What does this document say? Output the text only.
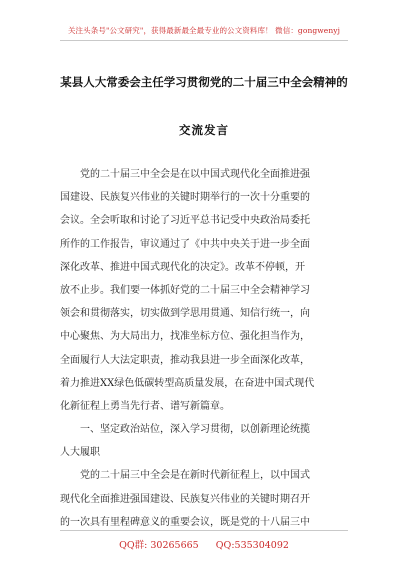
关注头条号"公文研究"，获得最新最全最专业的公文资料库！ 微信：gongwenyj
某县人大常委会主任学习贯彻党的二十届三中全会精神的
交流发言
党的二十届三中全会是在以中国式现代化全面推进强
国建设、民族复兴伟业的关键时期举行的一次十分重要的
会议。全会听取和讨论了习近平总书记受中央政治局委托
所作的工作报告，审议通过了《中共中央关于进一步全面
深化改革、推进中国式现代化的决定》。改革不停顿，开
放不止步。我们要一体抓好党的二十届三中全会精神学习
领会和贯彻落实，切实做到学思用贯通、知信行统一，向
中心聚焦、为大局出力，找准坐标方位、强化担当作为，
全面履行人大法定职责，推动我县进一步全面深化改革，
着力推进XX绿色低碳转型高质量发展，在奋进中国式现代
化新征程上勇当先行者、谱写新篇章。
一、坚定政治站位，深入学习贯彻，以创新理论统揽
人大履职
党的二十届三中全会是在新时代新征程上，以中国式
现代化全面推进强国建设、民族复兴伟业的关键时期召开
的一次具有里程碑意义的重要会议，既是党的十八届三中
QQ群: 30265665 QQ:535304092
